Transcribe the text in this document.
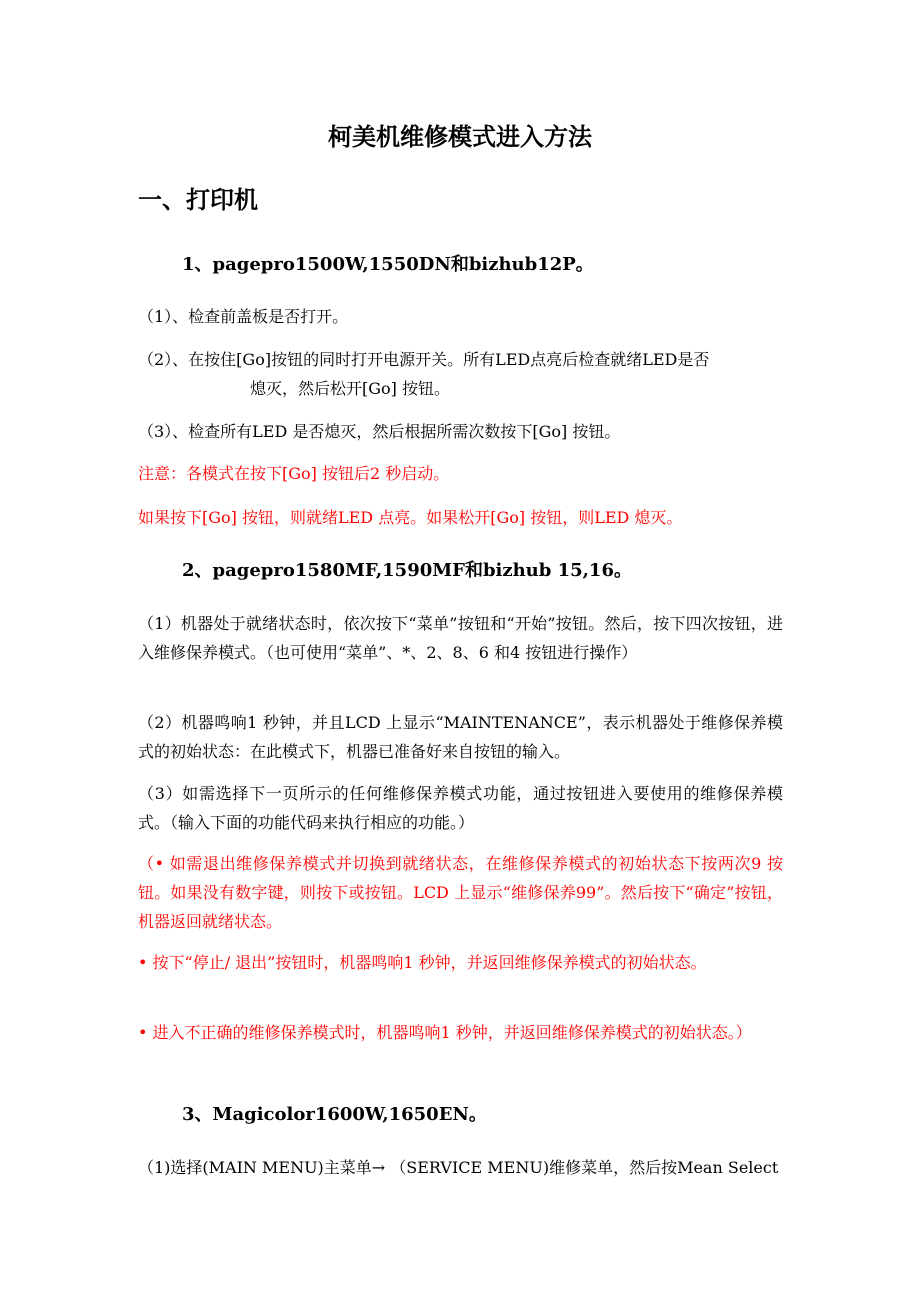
柯美机维修模式进入方法
一、打印机
1、pagepro1500W,1550DN和bizhub12P。
（1）、检查前盖板是否打开。
（2）、在按住[Go]按钮的同时打开电源开关。所有LED点亮后检查就绪LED是否
熄灭，然后松开[Go] 按钮。
（3）、检查所有LED 是否熄灭，然后根据所需次数按下[Go] 按钮。
注意：各模式在按下[Go] 按钮后2 秒启动。
如果按下[Go] 按钮，则就绪LED 点亮。如果松开[Go] 按钮，则LED 熄灭。
2、pagepro1580MF,1590MF和bizhub 15,16。
（1）机器处于就绪状态时，依次按下“菜单”按钮和“开始”按钮。然后，按下四次按钮，进入维修保养模式。（也可使用“菜单”、*、2、8、6 和4 按钮进行操作）
（2）机器鸣响1 秒钟，并且LCD 上显示“MAINTENANCE”，表示机器处于维修保养模式的初始状态：在此模式下，机器已准备好来自按钮的输入。
（3）如需选择下一页所示的任何维修保养模式功能，通过按钮进入要使用的维修保养模式。（输入下面的功能代码来执行相应的功能。）
（• 如需退出维修保养模式并切换到就绪状态，在维修保养模式的初始状态下按两次9 按钮。如果没有数字键，则按下或按钮。LCD 上显示“维修保养99”。然后按下“确定”按钮，机器返回就绪状态。
• 按下“停止/ 退出”按钮时，机器鸣响1 秒钟，并返回维修保养模式的初始状态。
• 进入不正确的维修保养模式时，机器鸣响1 秒钟，并返回维修保养模式的初始状态。）
3、Magicolor1600W,1650EN。
（1)选择(MAIN MENU)主菜单→ （SERVICE MENU)维修菜单，然后按Mean Select
